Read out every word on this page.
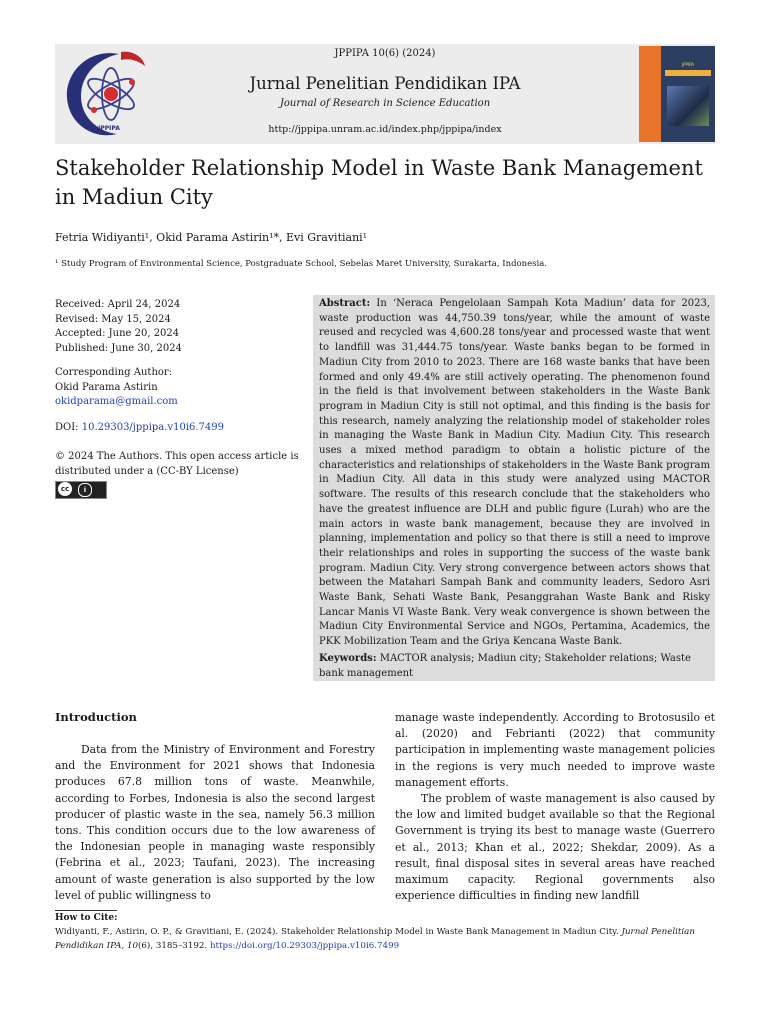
JPPIPA
JPPIPA 10(6) (2024)
Jurnal Penelitian Pendidikan IPA
Journal of Research in Science Education
http://jppipa.unram.ac.id/index.php/jppipa/index
JPPIPA
Stakeholder Relationship Model in Waste Bank Management in Madiun City
Fetria Widiyanti¹, Okid Parama Astirin¹*, Evi Gravitiani¹
¹ Study Program of Environmental Science, Postgraduate School, Sebelas Maret University, Surakarta, Indonesia.
Received: April 24, 2024
Revised: May 15, 2024
Accepted: June 20, 2024
Published: June 30, 2024
Corresponding Author:
Okid Parama Astirin
okidparama@gmail.com
DOI: 10.29303/jppipa.v10i6.7499
© 2024 The Authors. This open access article is distributed under a (CC-BY License)
cc	i
Abstract: In ‘Neraca Pengelolaan Sampah Kota Madiun’ data for 2023, waste production was 44,750.39 tons/year, while the amount of waste reused and recycled was 4,600.28 tons/year and processed waste that went to landfill was 31,444.75 tons/year. Waste banks began to be formed in Madiun City from 2010 to 2023. There are 168 waste banks that have been formed and only 49.4% are still actively operating. The phenomenon found in the field is that involvement between stakeholders in the Waste Bank program in Madiun City is still not optimal, and this finding is the basis for this research, namely analyzing the relationship model of stakeholder roles in managing the Waste Bank in Madiun City. Madiun City. This research uses a mixed method paradigm to obtain a holistic picture of the characteristics and relationships of stakeholders in the Waste Bank program in Madiun City. All data in this study were analyzed using MACTOR software. The results of this research conclude that the stakeholders who have the greatest influence are DLH and public figure (Lurah) who are the main actors in waste bank management, because they are involved in planning, implementation and policy so that there is still a need to improve their relationships and roles in supporting the success of the waste bank program. Madiun City. Very strong convergence between actors shows that between the Matahari Sampah Bank and community leaders, Sedoro Asri Waste Bank, Sehati Waste Bank, Pesanggrahan Waste Bank and Risky Lancar Manis VI Waste Bank. Very weak convergence is shown between the Madiun City Environmental Service and NGOs, Pertamina, Academics, the PKK Mobilization Team and the Griya Kencana Waste Bank.
Keywords: MACTOR analysis; Madiun city; Stakeholder relations; Waste bank management
Introduction

Data from the Ministry of Environment and Forestry and the Environment for 2021 shows that Indonesia produces 67.8 million tons of waste. Meanwhile, according to Forbes, Indonesia is also the second largest producer of plastic waste in the sea, namely 56.3 million tons. This condition occurs due to the low awareness of the Indonesian people in managing waste responsibly (Febrina et al., 2023; Taufani, 2023). The increasing amount of waste generation is also supported by the low level of public willingness to

manage waste independently. According to Brotosusilo et al. (2020) and Febrianti (2022) that community participation in implementing waste management policies in the regions is very much needed to improve waste management efforts.

The problem of waste management is also caused by the low and limited budget available so that the Regional Government is trying its best to manage waste (Guerrero et al., 2013; Khan et al., 2022; Shekdar, 2009). As a result, final disposal sites in several areas have reached maximum capacity. Regional governments also experience difficulties in finding new landfill

How to Cite:
Widiyanti, F., Astirin, O. P., & Gravitiani, E. (2024). Stakeholder Relationship Model in Waste Bank Management in Madiun City. Jurnal Penelitian Pendidikan IPA, 10(6), 3185–3192. https://doi.org/10.29303/jppipa.v10i6.7499
